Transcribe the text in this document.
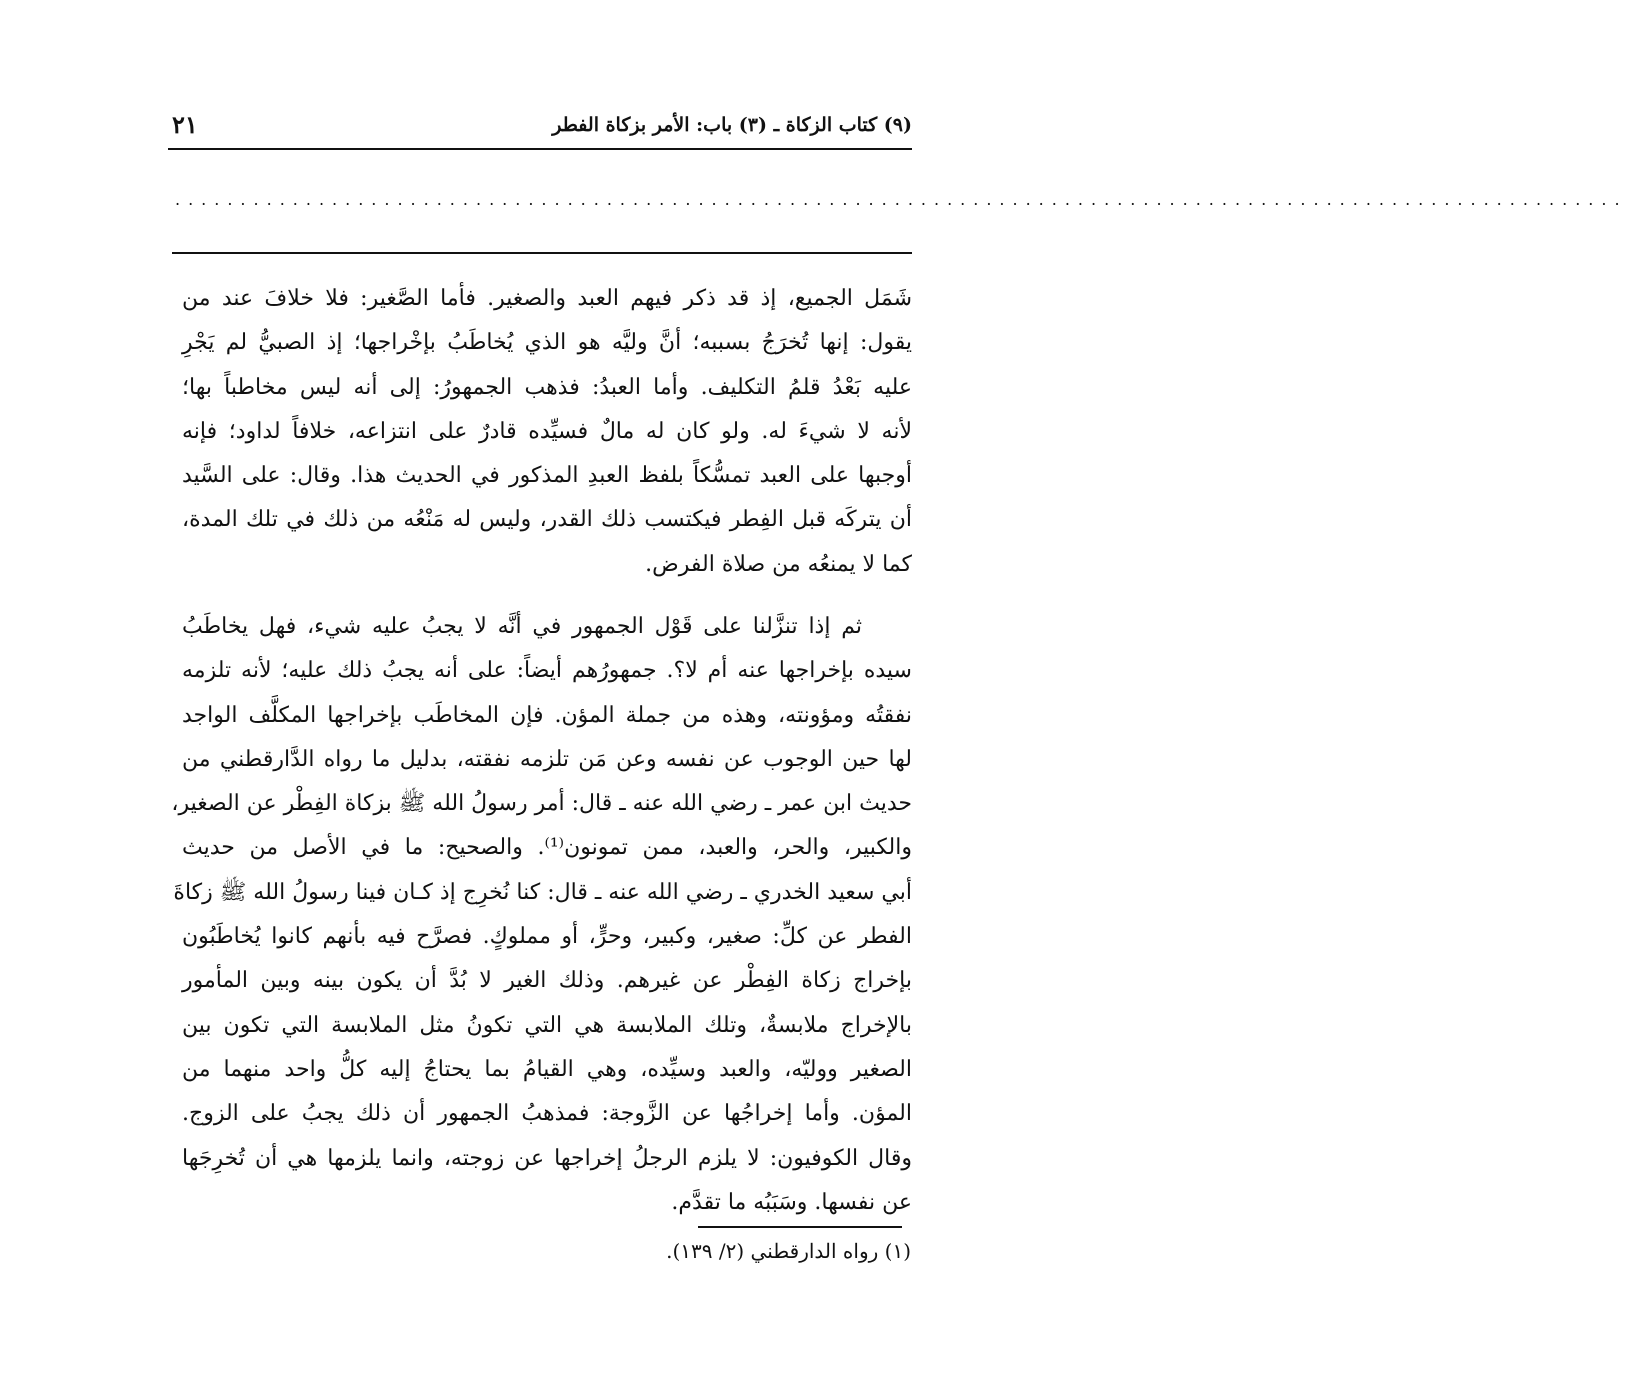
(٩) كتاب الزكاة ـ (٣) باب: الأمر بزكاة الفطر
٢١
...............................................................................................................
شَمَل الجميع، إذ قد ذكر فيهم العبد والصغير. فأما الصَّغير: فلا خلافَ عند من
يقول: إنها تُخرَجُ بسببه؛ أنَّ وليَّه هو الذي يُخاطَبُ بإخْراجها؛ إذ الصبيُّ لم يَجْرِ
عليه بَعْدُ قلمُ التكليف. وأما العبدُ: فذهب الجمهورُ: إلى أنه ليس مخاطباً بها؛
لأنه لا شيءَ له. ولو كان له مالٌ فسيِّده قادرٌ على انتزاعه، خلافاً لداود؛ فإنه
أوجبها على العبد تمسُّكاً بلفظ العبدِ المذكور في الحديث هذا. وقال: على السَّيد
أن يتركَه قبل الفِطر فيكتسب ذلك القدر، وليس له مَنْعُه من ذلك في تلك المدة،
كما لا يمنعُه من صلاة الفرض.
ثم إذا تنزَّلنا على قَوْل الجمهور في أنَّه لا يجبُ عليه شيء، فهل يخاطَبُ
سيده بإخراجها عنه أم لا؟. جمهورُهم أيضاً: على أنه يجبُ ذلك عليه؛ لأنه تلزمه
نفقتُه ومؤونته، وهذه من جملة المؤن. فإن المخاطَب بإخراجها المكلَّف الواجد
لها حين الوجوب عن نفسه وعن مَن تلزمه نفقته، بدليل ما رواه الدَّارقطني من
حديث ابن عمر ـ رضي الله عنه ـ قال: أمر رسولُ الله ﷺ بزكاة الفِطْر عن الصغير،
والكبير، والحر، والعبد، ممن تمونون⁽¹⁾. والصحيح: ما في الأصل من حديث
أبي سعيد الخدري ـ رضي الله عنه ـ قال: كنا نُخرِج إذ كـان فينا رسولُ الله ﷺ زكاةَ
الفطر عن كلِّ: صغير، وكبير، وحرٍّ، أو مملوكٍ. فصرَّح فيه بأنهم كانوا يُخاطَبُون
بإخراج زكاة الفِطْر عن غيرهم. وذلك الغير لا بُدَّ أن يكون بينه وبين المأمور
بالإخراج ملابسةٌ، وتلك الملابسة هي التي تكونُ مثل الملابسة التي تكون بين
الصغير ووليّه، والعبد وسيِّده، وهي القيامُ بما يحتاجُ إليه كلُّ واحد منهما من
المؤن. وأما إخراجُها عن الزَّوجة: فمذهبُ الجمهور أن ذلك يجبُ على الزوج.
وقال الكوفيون: لا يلزم الرجلُ إخراجها عن زوجته، وانما يلزمها هي أن تُخرِجَها
عن نفسها. وسَبَبُه ما تقدَّم.
(١) رواه الدارقطني (٢/ ١٣٩).
